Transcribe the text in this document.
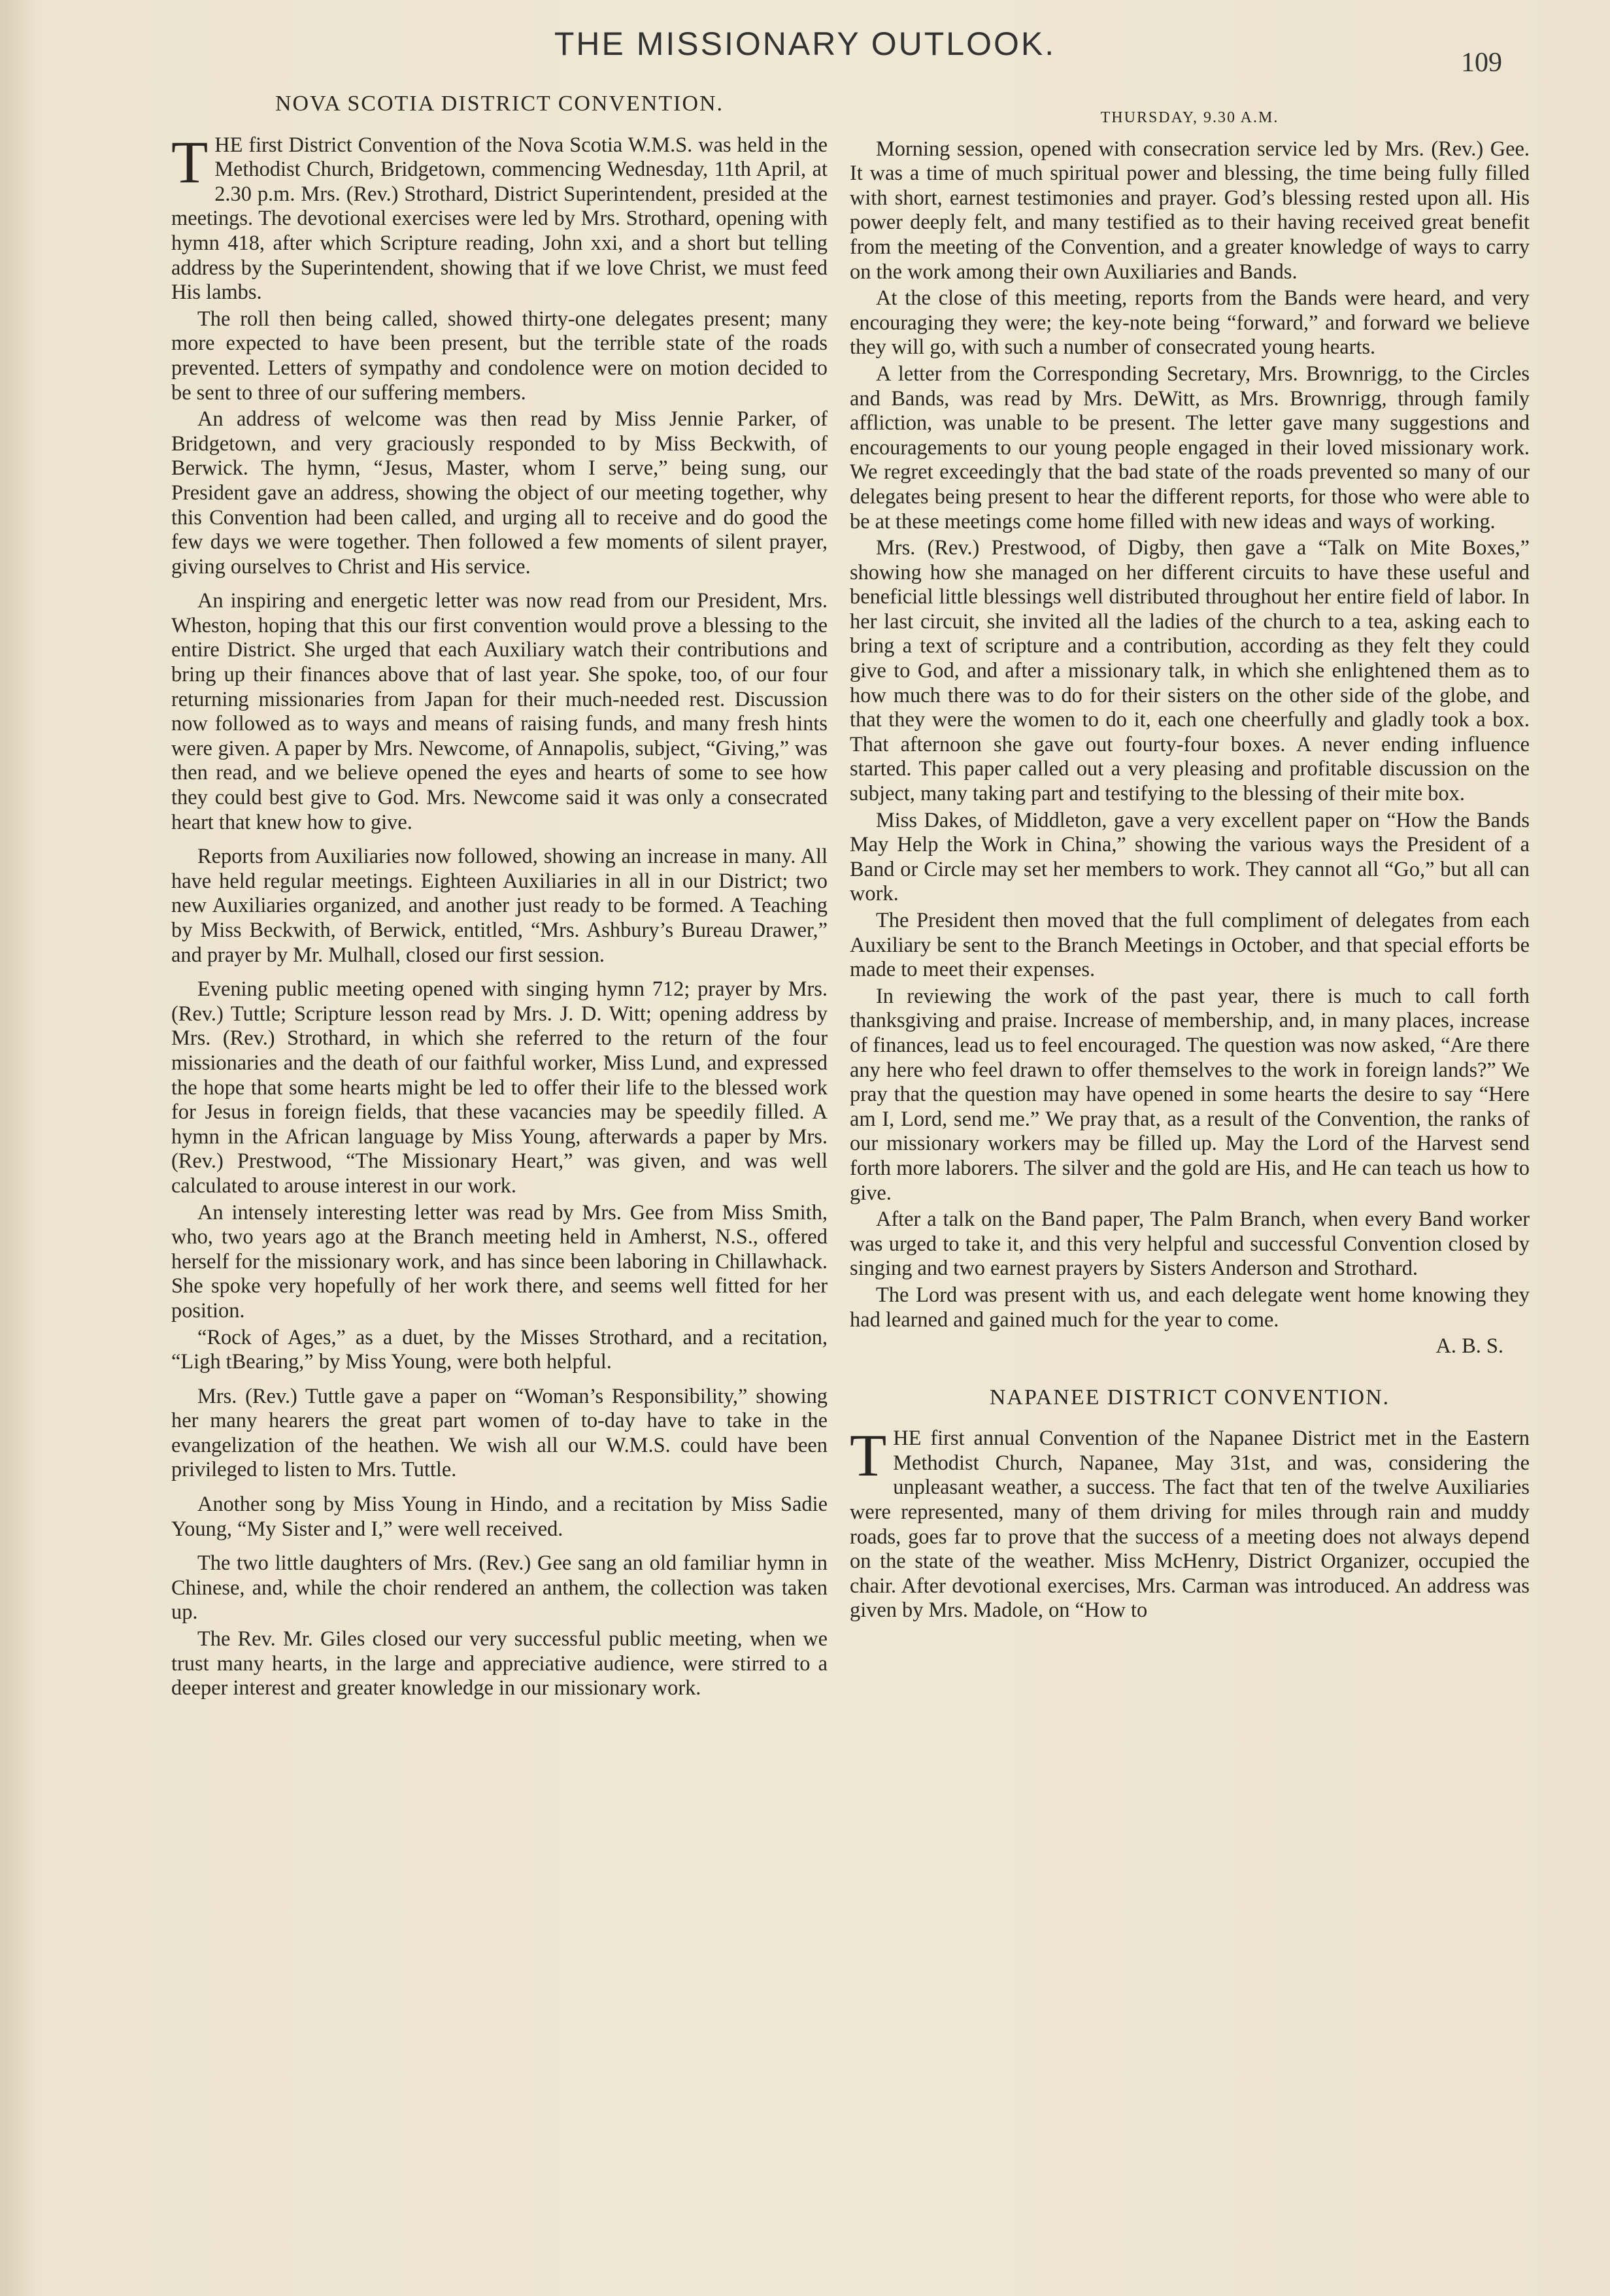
THE MISSIONARY OUTLOOK.
109
NOVA SCOTIA DISTRICT CONVENTION.

THE first District Convention of the Nova Scotia W.M.S. was held in the Methodist Church, Bridgetown, commencing Wednesday, 11th April, at 2.30 p.m. Mrs. (Rev.) Strothard, District Superintendent, presided at the meetings. The devotional exercises were led by Mrs. Strothard, opening with hymn 418, after which Scripture reading, John xxi, and a short but telling address by the Superintendent, showing that if we love Christ, we must feed His lambs.

The roll then being called, showed thirty-one delegates present; many more expected to have been present, but the terrible state of the roads prevented. Letters of sympathy and condolence were on motion decided to be sent to three of our suffering members.

An address of welcome was then read by Miss Jennie Parker, of Bridgetown, and very graciously responded to by Miss Beckwith, of Berwick. The hymn, “Jesus, Master, whom I serve,” being sung, our President gave an address, showing the object of our meeting together, why this Convention had been called, and urging all to receive and do good the few days we were together. Then followed a few moments of silent prayer, giving ourselves to Christ and His service.

An inspiring and energetic letter was now read from our President, Mrs. Wheston, hoping that this our first convention would prove a blessing to the entire District. She urged that each Auxiliary watch their contributions and bring up their finances above that of last year. She spoke, too, of our four returning missionaries from Japan for their much-needed rest. Discussion now followed as to ways and means of raising funds, and many fresh hints were given. A paper by Mrs. Newcome, of Annapolis, subject, “Giving,” was then read, and we believe opened the eyes and hearts of some to see how they could best give to God. Mrs. Newcome said it was only a consecrated heart that knew how to give.

Reports from Auxiliaries now followed, showing an increase in many. All have held regular meetings. Eighteen Auxiliaries in all in our District; two new Auxiliaries organized, and another just ready to be formed. A Teaching by Miss Beckwith, of Berwick, entitled, “Mrs. Ashbury’s Bureau Drawer,” and prayer by Mr. Mulhall, closed our first session.

Evening public meeting opened with singing hymn 712; prayer by Mrs. (Rev.) Tuttle; Scripture lesson read by Mrs. J. D. Witt; opening address by Mrs. (Rev.) Strothard, in which she referred to the return of the four missionaries and the death of our faithful worker, Miss Lund, and expressed the hope that some hearts might be led to offer their life to the blessed work for Jesus in foreign fields, that these vacancies may be speedily filled. A hymn in the African language by Miss Young, afterwards a paper by Mrs. (Rev.) Prestwood, “The Missionary Heart,” was given, and was well calculated to arouse interest in our work.

An intensely interesting letter was read by Mrs. Gee from Miss Smith, who, two years ago at the Branch meeting held in Amherst, N.S., offered herself for the missionary work, and has since been laboring in Chillawhack. She spoke very hopefully of her work there, and seems well fitted for her position.

“Rock of Ages,” as a duet, by the Misses Strothard, and a recitation, “Ligh tBearing,” by Miss Young, were both helpful.

Mrs. (Rev.) Tuttle gave a paper on “Woman’s Responsibility,” showing her many hearers the great part women of to-day have to take in the evangelization of the heathen. We wish all our W.M.S. could have been privileged to listen to Mrs. Tuttle.

Another song by Miss Young in Hindo, and a recitation by Miss Sadie Young, “My Sister and I,” were well received.

The two little daughters of Mrs. (Rev.) Gee sang an old familiar hymn in Chinese, and, while the choir rendered an anthem, the collection was taken up.

The Rev. Mr. Giles closed our very successful public meeting, when we trust many hearts, in the large and appreciative audience, were stirred to a deeper interest and greater knowledge in our missionary work.

THURSDAY, 9.30 A.M.

Morning session, opened with consecration service led by Mrs. (Rev.) Gee. It was a time of much spiritual power and blessing, the time being fully filled with short, earnest testimonies and prayer. God’s blessing rested upon all. His power deeply felt, and many testified as to their having received great benefit from the meeting of the Convention, and a greater knowledge of ways to carry on the work among their own Auxiliaries and Bands.

At the close of this meeting, reports from the Bands were heard, and very encouraging they were; the key-note being “forward,” and forward we believe they will go, with such a number of consecrated young hearts.

A letter from the Corresponding Secretary, Mrs. Brownrigg, to the Circles and Bands, was read by Mrs. DeWitt, as Mrs. Brownrigg, through family affliction, was unable to be present. The letter gave many suggestions and encouragements to our young people engaged in their loved missionary work. We regret exceedingly that the bad state of the roads prevented so many of our delegates being present to hear the different reports, for those who were able to be at these meetings come home filled with new ideas and ways of working.

Mrs. (Rev.) Prestwood, of Digby, then gave a “Talk on Mite Boxes,” showing how she managed on her different circuits to have these useful and beneficial little blessings well distributed throughout her entire field of labor. In her last circuit, she invited all the ladies of the church to a tea, asking each to bring a text of scripture and a contribution, according as they felt they could give to God, and after a missionary talk, in which she enlightened them as to how much there was to do for their sisters on the other side of the globe, and that they were the women to do it, each one cheerfully and gladly took a box. That afternoon she gave out fourty-four boxes. A never ending influence started. This paper called out a very pleasing and profitable discussion on the subject, many taking part and testifying to the blessing of their mite box.

Miss Dakes, of Middleton, gave a very excellent paper on “How the Bands May Help the Work in China,” showing the various ways the President of a Band or Circle may set her members to work. They cannot all “Go,” but all can work.

The President then moved that the full compliment of delegates from each Auxiliary be sent to the Branch Meetings in October, and that special efforts be made to meet their expenses.

In reviewing the work of the past year, there is much to call forth thanksgiving and praise. Increase of membership, and, in many places, increase of finances, lead us to feel encouraged. The question was now asked, “Are there any here who feel drawn to offer themselves to the work in foreign lands?” We pray that the question may have opened in some hearts the desire to say “Here am I, Lord, send me.” We pray that, as a result of the Convention, the ranks of our missionary workers may be filled up. May the Lord of the Harvest send forth more laborers. The silver and the gold are His, and He can teach us how to give.

After a talk on the Band paper, The Palm Branch, when every Band worker was urged to take it, and this very helpful and successful Convention closed by singing and two earnest prayers by Sisters Anderson and Strothard.

The Lord was present with us, and each delegate went home knowing they had learned and gained much for the year to come.

A. B. S.
NAPANEE DISTRICT CONVENTION.

THE first annual Convention of the Napanee District met in the Eastern Methodist Church, Napanee, May 31st, and was, considering the unpleasant weather, a success. The fact that ten of the twelve Auxiliaries were represented, many of them driving for miles through rain and muddy roads, goes far to prove that the success of a meeting does not always depend on the state of the weather. Miss McHenry, District Organizer, occupied the chair. After devotional exercises, Mrs. Carman was introduced. An address was given by Mrs. Madole, on “How to
